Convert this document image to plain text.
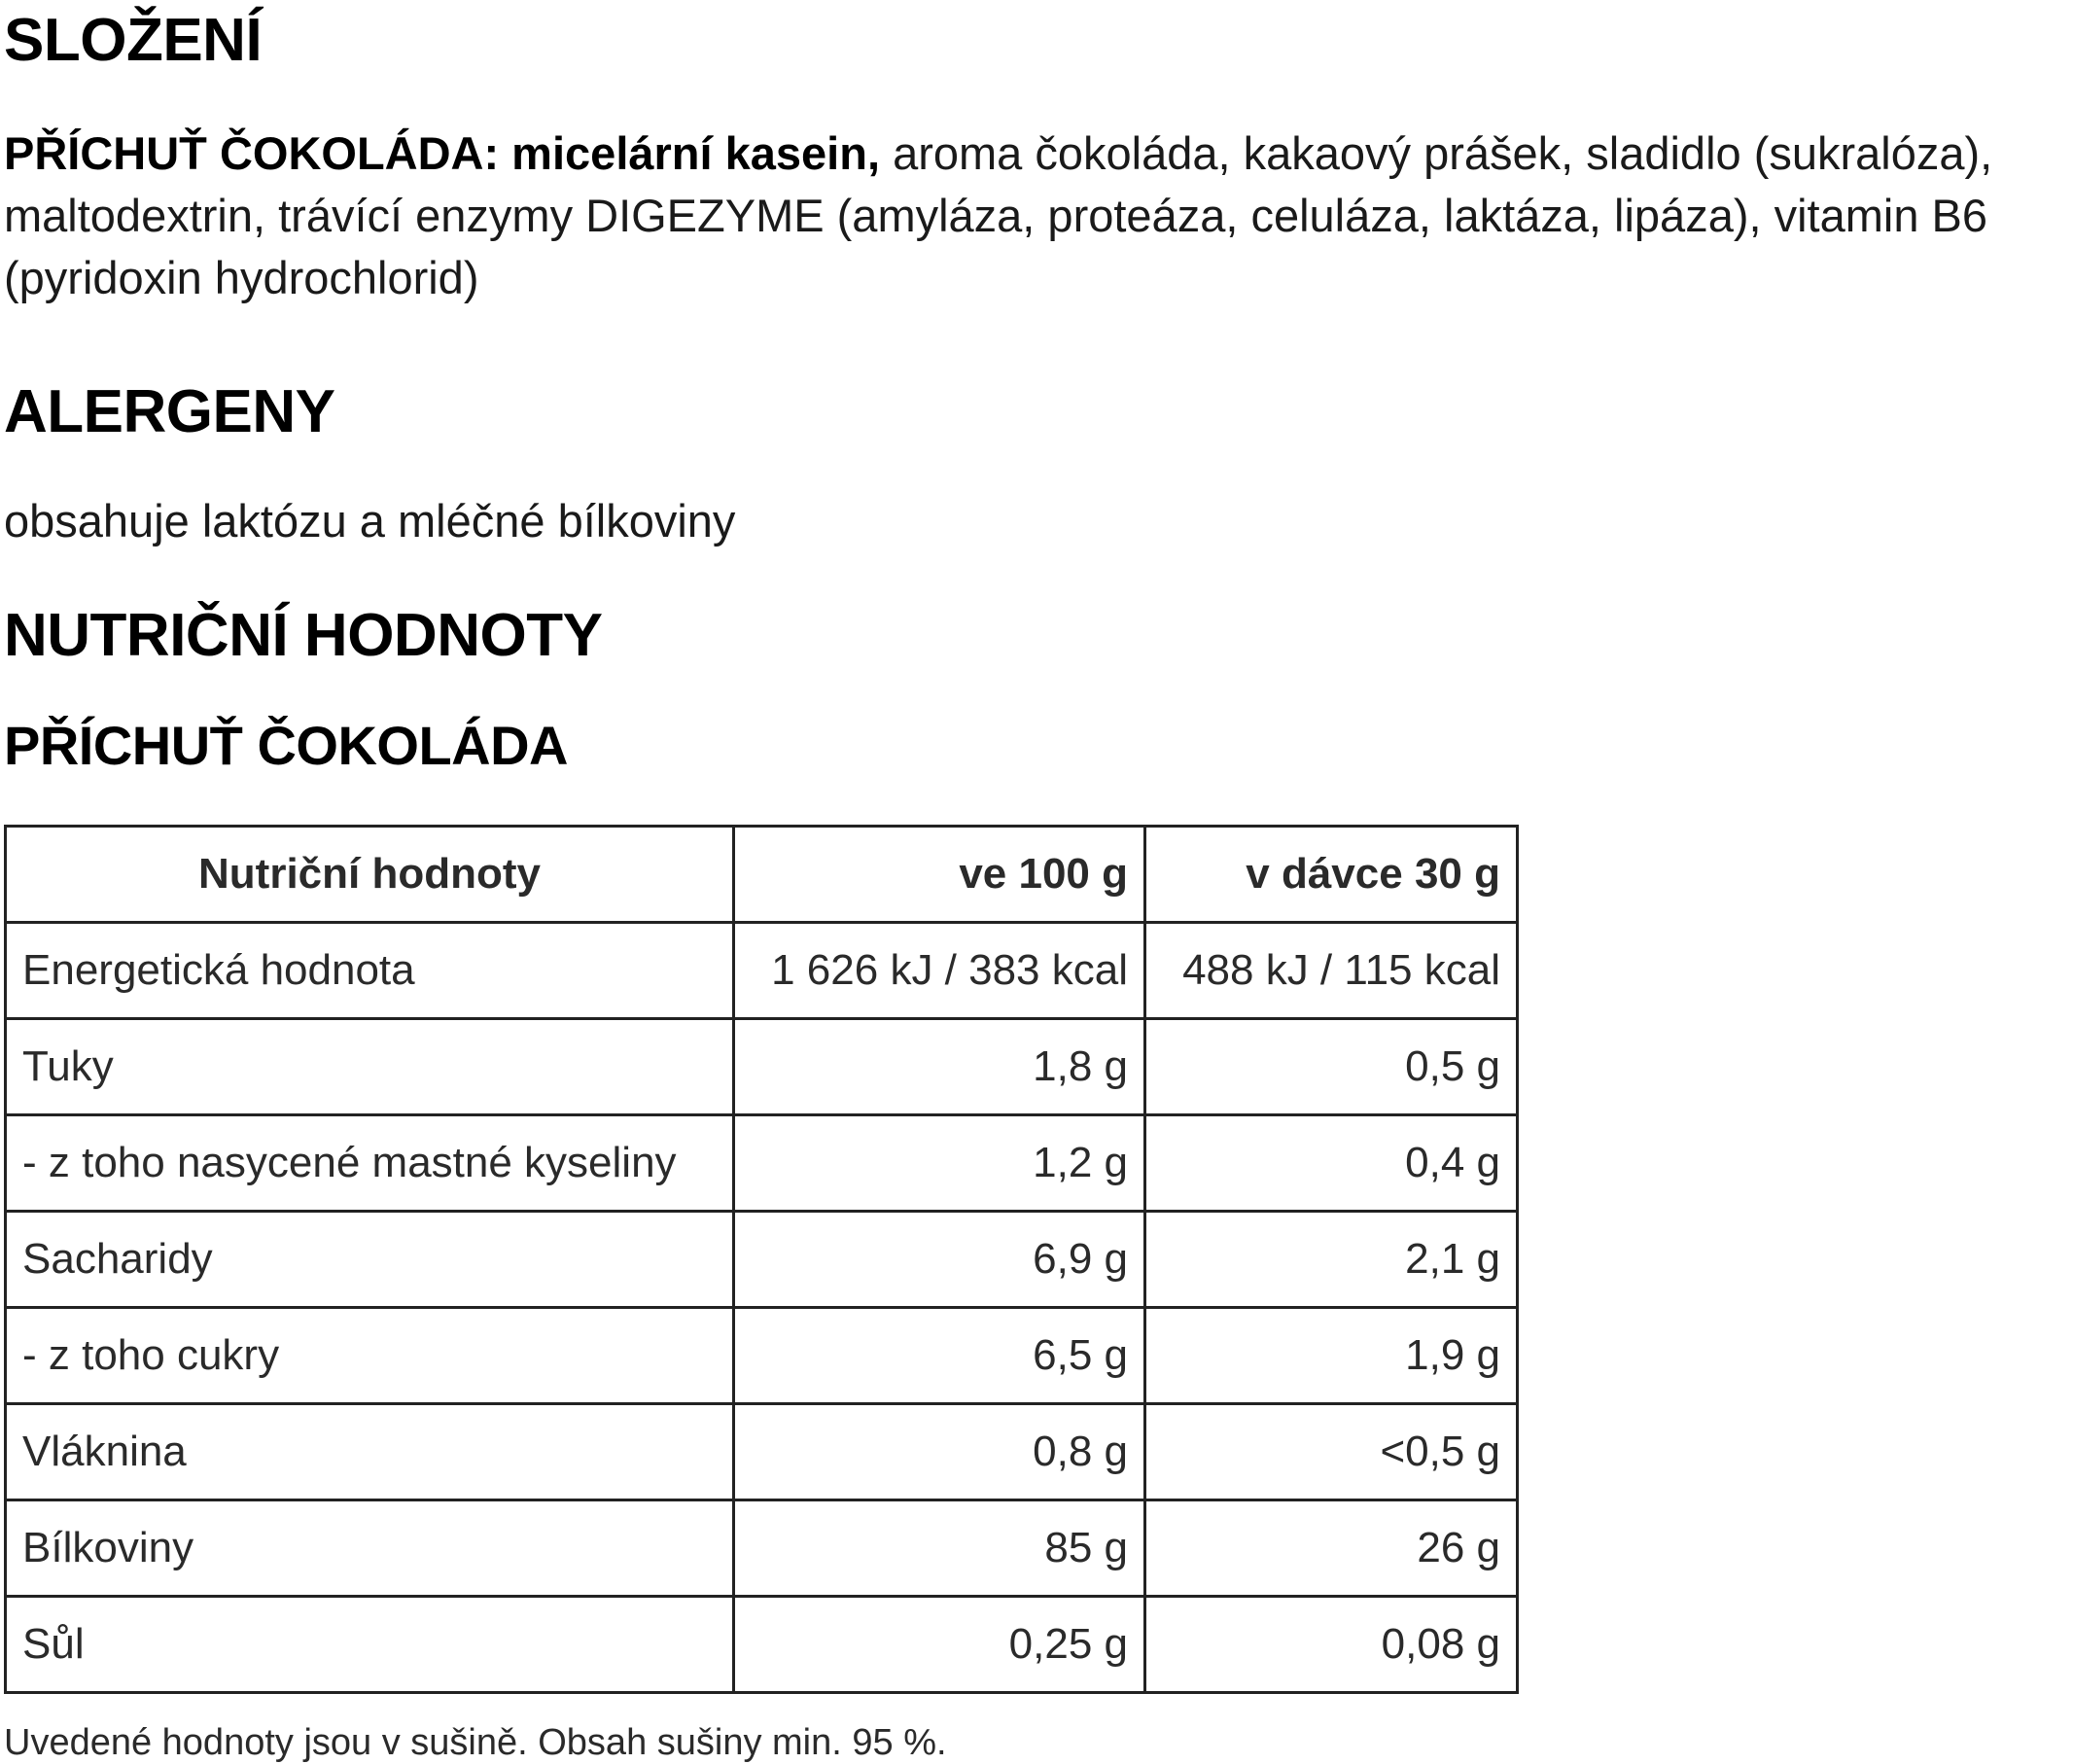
SLOŽENÍ

PŘÍCHUŤ ČOKOLÁDA: micelární kasein, aroma čokoláda, kakaový prášek, sladidlo (sukralóza), maltodextrin, trávící enzymy DIGEZYME (amyláza, proteáza, celuláza, laktáza, lipáza), vitamin B6 (pyridoxin hydrochlorid)

ALERGENY

obsahuje laktózu a mléčné bílkoviny

NUTRIČNÍ HODNOTY
PŘÍCHUŤ ČOKOLÁDA
Nutriční hodnoty	ve 100 g	v dávce 30 g
Energetická hodnota	1 626 kJ / 383 kcal	488 kJ / 115 kcal
Tuky	1,8 g	0,5 g
- z toho nasycené mastné kyseliny	1,2 g	0,4 g
Sacharidy	6,9 g	2,1 g
- z toho cukry	6,5 g	1,9 g
Vláknina	0,8 g	<0,5 g
Bílkoviny	85 g	26 g
Sůl	0,25 g	0,08 g
Uvedené hodnoty jsou v sušině. Obsah sušiny min. 95 %.
